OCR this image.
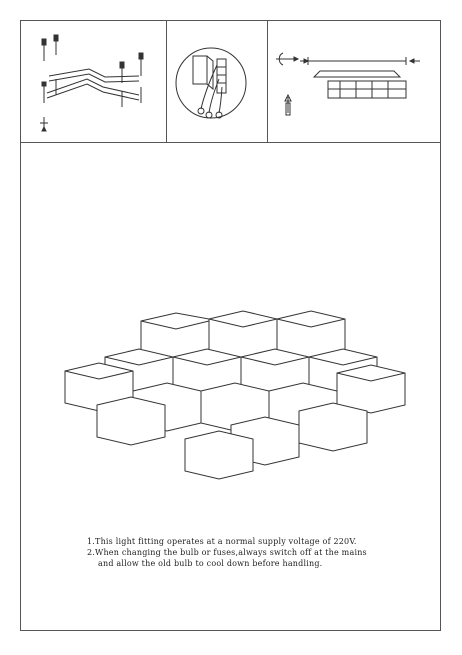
1.This light fitting operates at a normal supply voltage of 220V.
2.When changing the bulb or fuses,always switch off at the mains
and allow the old bulb to cool down before handling.
